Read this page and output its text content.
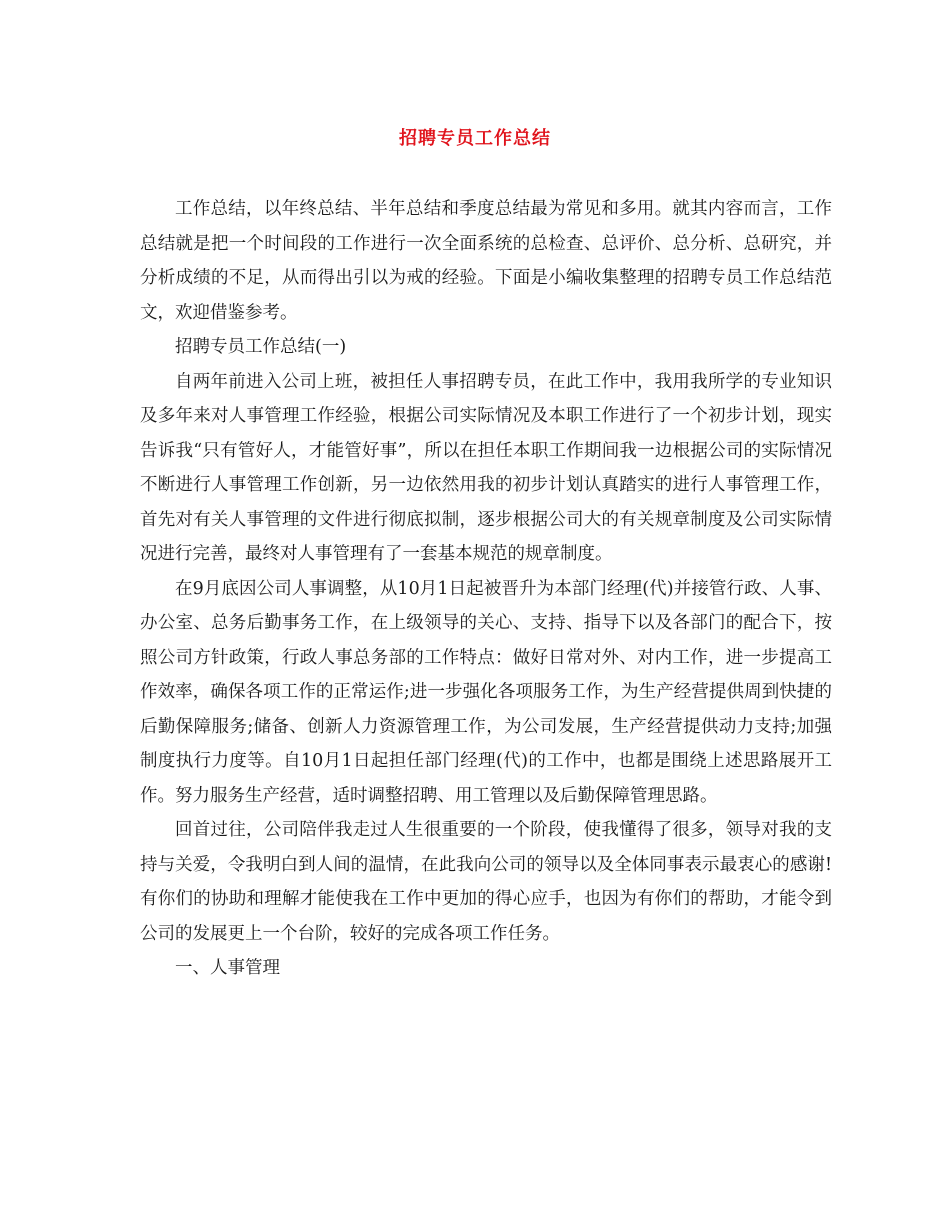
招聘专员工作总结

工作总结，以年终总结、半年总结和季度总结最为常见和多用。就其内容而言，工作总结就是把一个时间段的工作进行一次全面系统的总检查、总评价、总分析、总研究，并分析成绩的不足，从而得出引以为戒的经验。下面是小编收集整理的招聘专员工作总结范文，欢迎借鉴参考。

招聘专员工作总结(一)

自两年前进入公司上班，被担任人事招聘专员，在此工作中，我用我所学的专业知识及多年来对人事管理工作经验，根据公司实际情况及本职工作进行了一个初步计划，现实告诉我“只有管好人，才能管好事”，所以在担任本职工作期间我一边根据公司的实际情况不断进行人事管理工作创新，另一边依然用我的初步计划认真踏实的进行人事管理工作，首先对有关人事管理的文件进行彻底拟制，逐步根据公司大的有关规章制度及公司实际情况进行完善，最终对人事管理有了一套基本规范的规章制度。

在9月底因公司人事调整，从10月1日起被晋升为本部门经理(代)并接管行政、人事、办公室、总务后勤事务工作，在上级领导的关心、支持、指导下以及各部门的配合下，按照公司方针政策，行政人事总务部的工作特点：做好日常对外、对内工作，进一步提高工作效率，确保各项工作的正常运作;进一步强化各项服务工作，为生产经营提供周到快捷的后勤保障服务;储备、创新人力资源管理工作，为公司发展，生产经营提供动力支持;加强制度执行力度等。自10月1日起担任部门经理(代)的工作中，也都是围绕上述思路展开工作。努力服务生产经营，适时调整招聘、用工管理以及后勤保障管理思路。

回首过往，公司陪伴我走过人生很重要的一个阶段，使我懂得了很多，领导对我的支持与关爱，令我明白到人间的温情，在此我向公司的领导以及全体同事表示最衷心的感谢!有你们的协助和理解才能使我在工作中更加的得心应手，也因为有你们的帮助，才能令到公司的发展更上一个台阶，较好的完成各项工作任务。

一、人事管理
